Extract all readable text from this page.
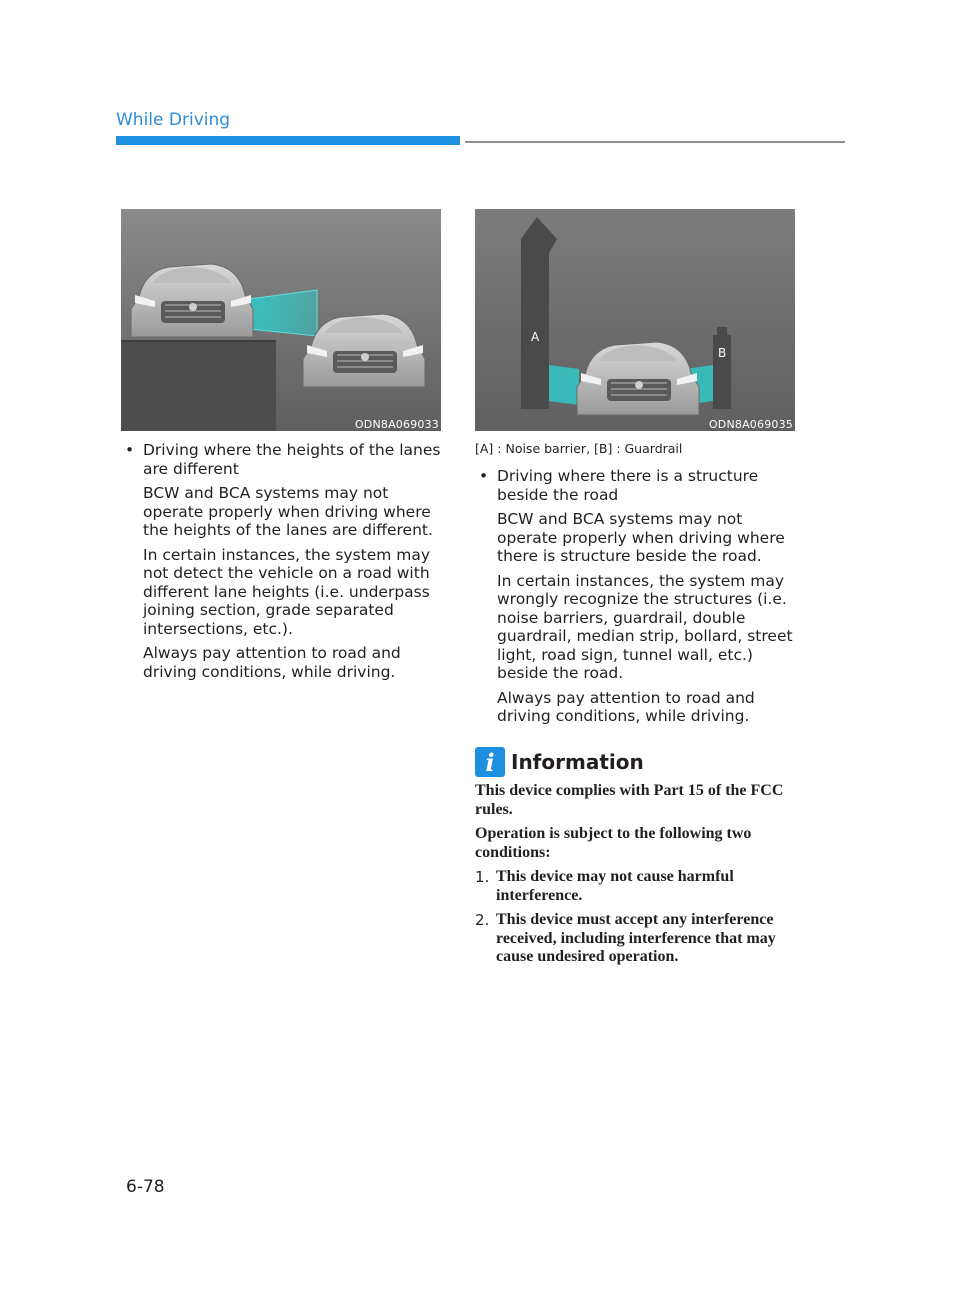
While Driving
ODN8A069033
A
B
ODN8A069035
• Driving where the heights of the lanes are different
BCW and BCA systems may not operate properly when driving where the heights of the lanes are different.
In certain instances, the system may not detect the vehicle on a road with different lane heights (i.e. underpass joining section, grade separated intersections, etc.).
Always pay attention to road and driving conditions, while driving.
[A] : Noise barrier, [B] : Guardrail
• Driving where there is a structure beside the road
BCW and BCA systems may not operate properly when driving where there is structure beside the road.
In certain instances, the system may wrongly recognize the structures (i.e. noise barriers, guardrail, double guardrail, median strip, bollard, street light, road sign, tunnel wall, etc.) beside the road.
Always pay attention to road and driving conditions, while driving.
i Information

This device complies with Part 15 of the FCC rules.

Operation is subject to the following two conditions:

1. This device may not cause harmful interference.
2. This device must accept any interference received, including interference that may cause undesired operation.
6-78
